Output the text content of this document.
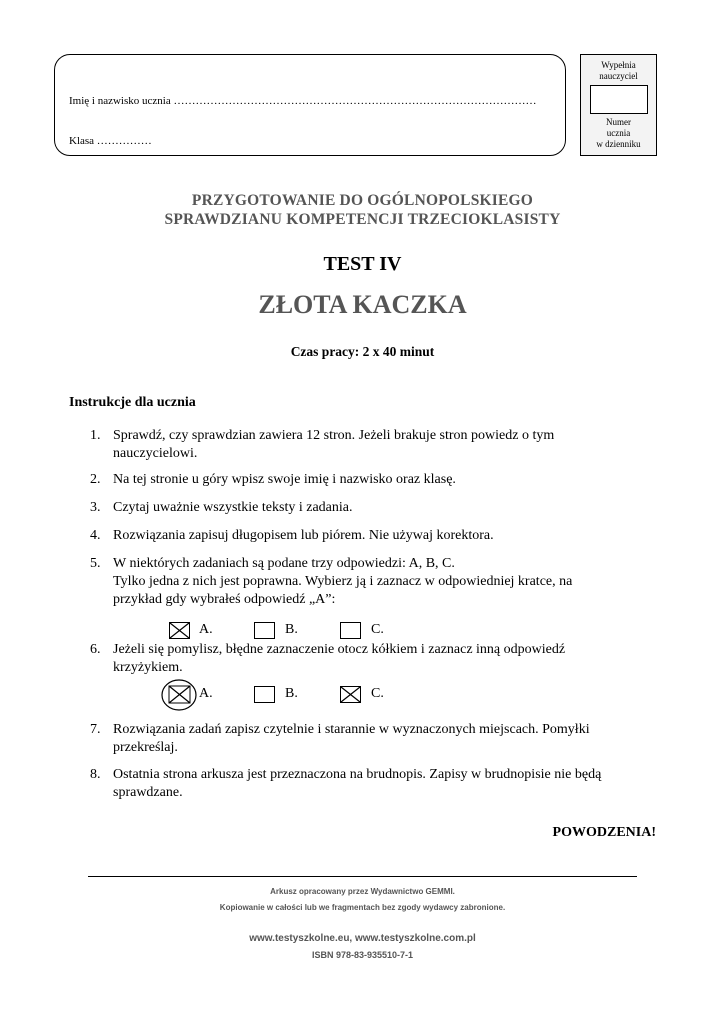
Imię i nazwisko ucznia ………………………………………………………………………………………
Klasa ……………
Wypełnia
nauczyciel
Numer
ucznia
w dzienniku
PRZYGOTOWANIE DO OGÓLNOPOLSKIEGO
SPRAWDZIANU KOMPETENCJI TRZECIOKLASISTY
TEST IV
ZŁOTA KACZKA
Czas pracy: 2 x 40 minut
Instrukcje dla ucznia
1. Sprawdź, czy sprawdzian zawiera 12 stron. Jeżeli brakuje stron powiedz o tym
nauczycielowi.
2. Na tej stronie u góry wpisz swoje imię i nazwisko oraz klasę.
3. Czytaj uważnie wszystkie teksty i zadania.
4. Rozwiązania zapisuj długopisem lub piórem. Nie używaj korektora.
5. W niektórych zadaniach są podane trzy odpowiedzi: A, B, C.
Tylko jedna z nich jest poprawna. Wybierz ją i zaznacz w odpowiedniej kratce, na
przykład gdy wybrałeś odpowiedź „A”:
A.	B.	C.
6. Jeżeli się pomylisz, błędne zaznaczenie otocz kółkiem i zaznacz inną odpowiedź
krzyżykiem.
A.	B.	C.
7. Rozwiązania zadań zapisz czytelnie i starannie w wyznaczonych miejscach. Pomyłki
przekreślaj.
8. Ostatnia strona arkusza jest przeznaczona na brudnopis. Zapisy w brudnopisie nie będą
sprawdzane.
POWODZENIA!
Arkusz opracowany przez Wydawnictwo GEMMI.
Kopiowanie w całości lub we fragmentach bez zgody wydawcy zabronione.
www.testyszkolne.eu, www.testyszkolne.com.pl
ISBN 978-83-935510-7-1
